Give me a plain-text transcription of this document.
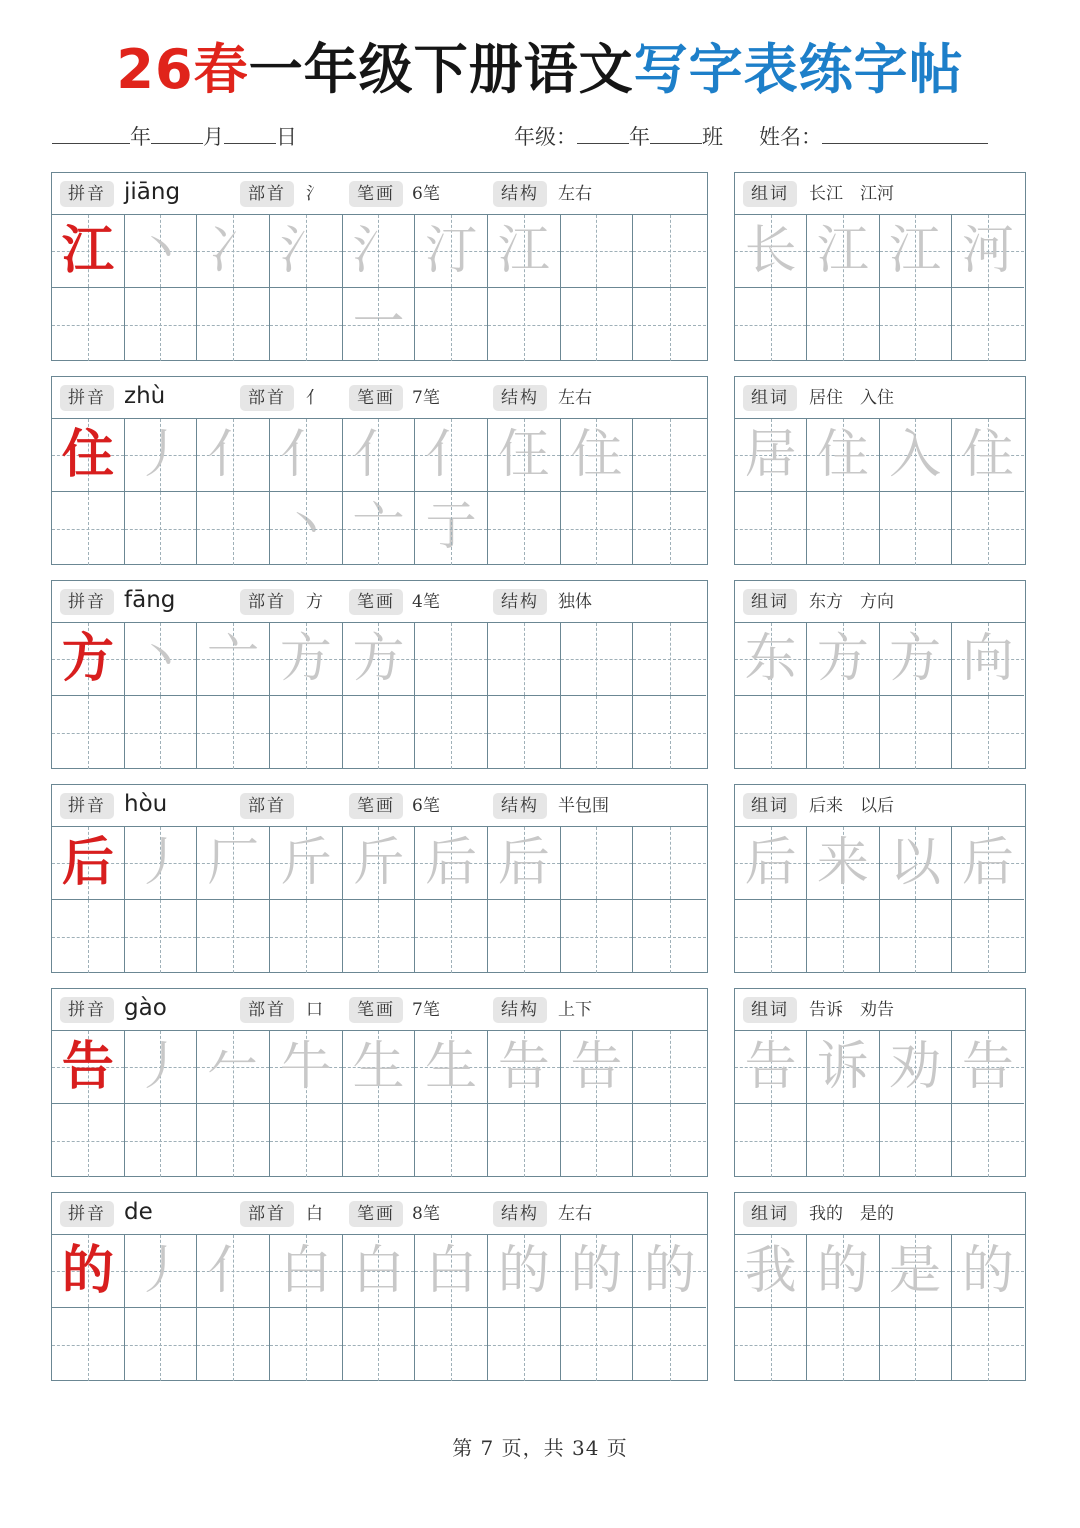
26春一年级下册语文写字表练字帖
年 月 日	年级： 年 班 姓名：
拼音 jiāng	部首	氵	笔画	6笔	结构	左右
江 丶 冫 氵 氵一
汀 江
组词	长江　江河
长 江 江 河
拼音 zhù	部首	亻	笔画	7笔	结构	左右
住 丿 亻 亻丶
亻亠
亻亍
仼 住
组词	居住　入住
居 住 入 住
拼音 fāng	部首	方	笔画	4笔	结构	独体
方 丶 亠 方 方
组词	东方　方向
东 方 方 向
拼音 hòu	部首	笔画	6笔	结构	半包围
后 丿 厂 斤 斤 后 后
组词	后来　以后
后 来 以 后
拼音 gào	部首	口	笔画	7笔	结构	上下
告 丿 𠂉 牛 生 生 告 告
组词	告诉　劝告
告 诉 劝 告
拼音 de	部首	白	笔画	8笔	结构	左右
的 丿 亻 白 白 白 的 的 的
组词	我的　是的
我 的 是 的
第 7 页，共 34 页
